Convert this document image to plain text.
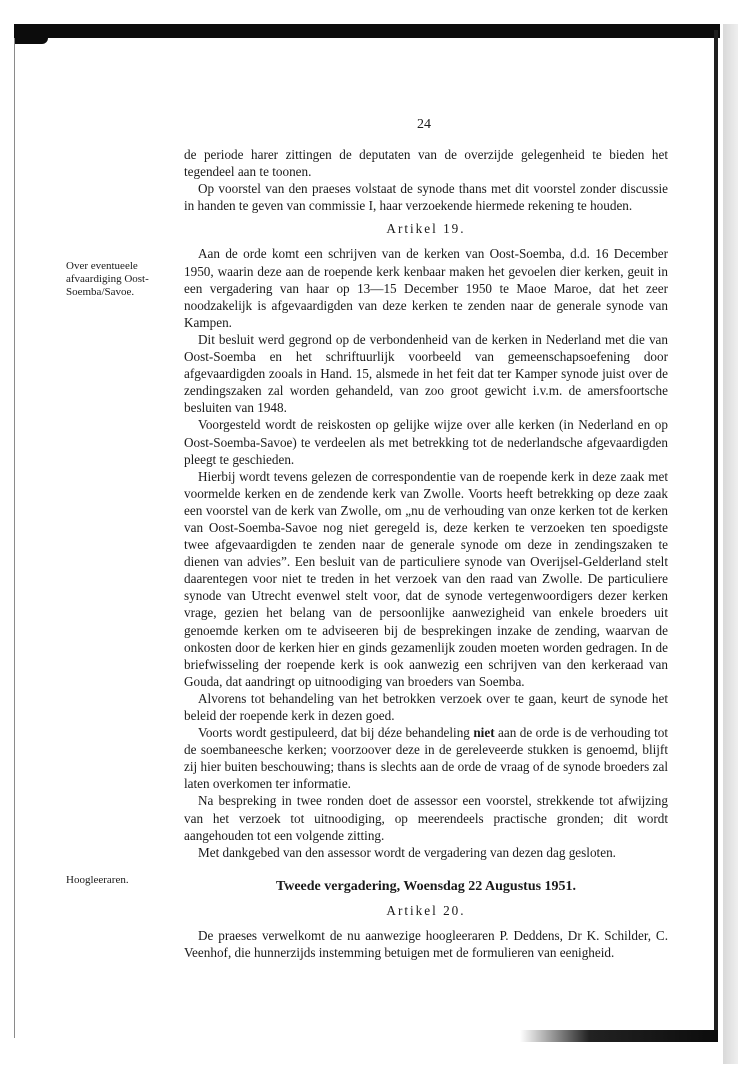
24
Over eventueele afvaardiging Oost-Soemba/Savoe.
Hoogleeraren.

de periode harer zittingen de deputaten van de overzijde gelegenheid te bieden het tegendeel aan te toonen.

Op voorstel van den praeses volstaat de synode thans met dit voorstel zonder discussie in handen te geven van commissie I, haar verzoekende hiermede rekening te houden.

Artikel 19.

Aan de orde komt een schrijven van de kerken van Oost-Soemba, d.d. 16 December 1950, waarin deze aan de roepende kerk kenbaar maken het gevoelen dier kerken, geuit in een vergadering van haar op 13—15 December 1950 te Maoe Maroe, dat het zeer noodzakelijk is afgevaardigden van deze kerken te zenden naar de generale synode van Kampen.

Dit besluit werd gegrond op de verbondenheid van de kerken in Nederland met die van Oost-Soemba en het schriftuurlijk voorbeeld van gemeenschapsoefening door afgevaardigden zooals in Hand. 15, alsmede in het feit dat ter Kamper synode juist over de zendingszaken zal worden gehandeld, van zoo groot gewicht i.v.m. de amersfoortsche besluiten van 1948.

Voorgesteld wordt de reiskosten op gelijke wijze over alle kerken (in Nederland en op Oost-Soemba-Savoe) te verdeelen als met betrekking tot de nederlandsche afgevaardigden pleegt te geschieden.

Hierbij wordt tevens gelezen de correspondentie van de roepende kerk in deze zaak met voormelde kerken en de zendende kerk van Zwolle. Voorts heeft betrekking op deze zaak een voorstel van de kerk van Zwolle, om „nu de verhouding van onze kerken tot de kerken van Oost-Soemba-Savoe nog niet geregeld is, deze kerken te verzoeken ten spoedigste twee afgevaardigden te zenden naar de generale synode om deze in zendingszaken te dienen van advies”. Een besluit van de particuliere synode van Overijsel-Gelderland stelt daarentegen voor niet te treden in het verzoek van den raad van Zwolle. De particuliere synode van Utrecht evenwel stelt voor, dat de synode vertegenwoordigers dezer kerken vrage, gezien het belang van de persoonlijke aanwezigheid van enkele broeders uit genoemde kerken om te adviseeren bij de besprekingen inzake de zending, waarvan de onkosten door de kerken hier en ginds gezamenlijk zouden moeten worden gedragen. In de briefwisseling der roepende kerk is ook aanwezig een schrijven van den kerkeraad van Gouda, dat aandringt op uitnoodiging van broeders van Soemba.

Alvorens tot behandeling van het betrokken verzoek over te gaan, keurt de synode het beleid der roepende kerk in dezen goed.

Voorts wordt gestipuleerd, dat bij déze behandeling niet aan de orde is de verhouding tot de soembaneesche kerken; voorzoover deze in de gereleveerde stukken is genoemd, blijft zij hier buiten beschouwing; thans is slechts aan de orde de vraag of de synode broeders zal laten overkomen ter informatie.

Na bespreking in twee ronden doet de assessor een voorstel, strekkende tot afwijzing van het verzoek tot uitnoodiging, op meerendeels practische gronden; dit wordt aangehouden tot een volgende zitting.

Met dankgebed van den assessor wordt de vergadering van dezen dag gesloten.

Tweede vergadering, Woensdag 22 Augustus 1951.
Artikel 20.

De praeses verwelkomt de nu aanwezige hoogleeraren P. Deddens, Dr K. Schilder, C. Veenhof, die hunnerzijds instemming betuigen met de formulieren van eenigheid.
